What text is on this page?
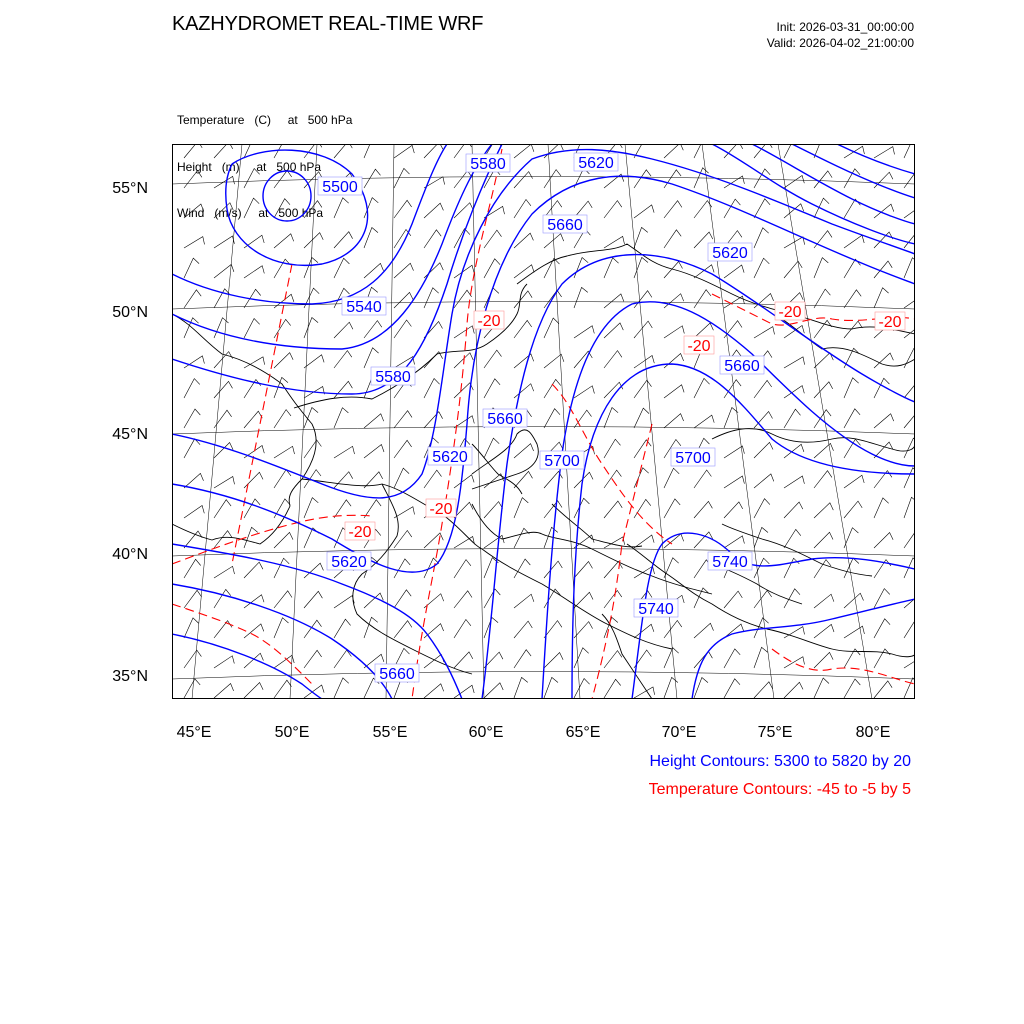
KAZHYDROMET REAL-TIME WRF	Init: 2026-03-31_00:00:00
Valid: 2026-04-02_21:00:00

Temperature   (C)     at   500 hPa

Height   (m)     at   500 hPa

Wind   (m/s)     at   500 hPa

55°N
50°N
45°N
40°N
35°N
45°E	50°E	55°E	60°E	65°E	70°E	75°E	80°E
5500
5540
5580
5580
5620
5620
5620
5620
5660
5660
5660
5660
5700	5700
5740
5740
-20
-20
-20
-20
-20
-20
Height Contours: 5300 to 5820 by 20
Temperature Contours: -45 to -5 by 5
